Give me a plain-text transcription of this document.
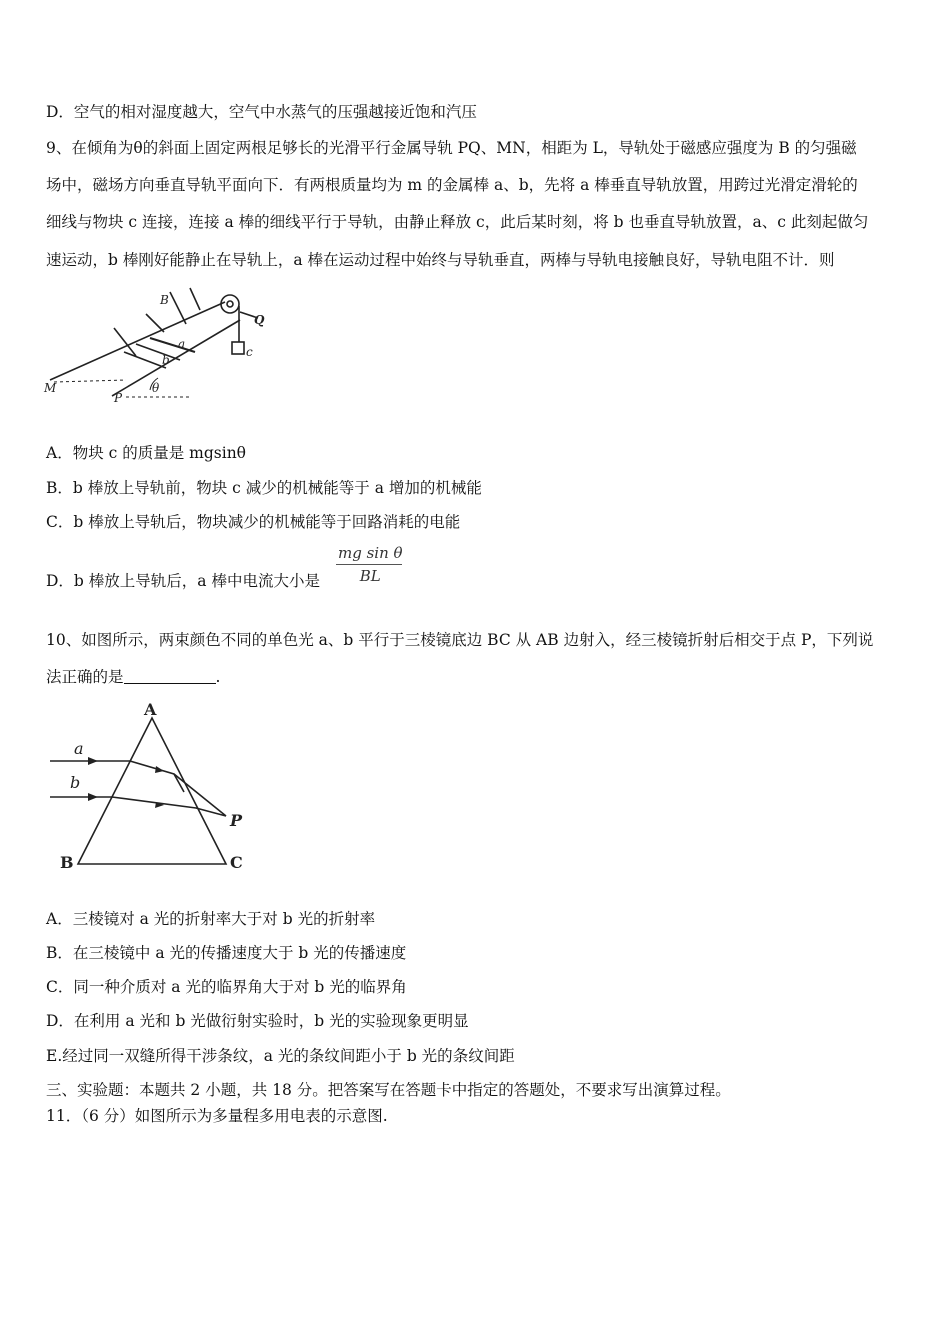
D．空气的相对湿度越大，空气中水蒸气的压强越接近饱和汽压
9、在倾角为θ的斜面上固定两根足够长的光滑平行金属导轨 PQ、MN，相距为 L，导轨处于磁感应强度为 B 的匀强磁
场中，磁场方向垂直导轨平面向下．有两根质量均为 m 的金属棒 a、b，先将 a 棒垂直导轨放置，用跨过光滑定滑轮的
细线与物块 c 连接，连接 a 棒的细线平行于导轨，由静止释放 c，此后某时刻，将 b 也垂直导轨放置，a、c 此刻起做匀
速运动，b 棒刚好能静止在导轨上，a 棒在运动过程中始终与导轨垂直，两棒与导轨电接触良好，导轨电阻不计．则
B
a
b
c
Q
M
P
θ
A．物块 c 的质量是 mgsinθ
B．b 棒放上导轨前，物块 c 减少的机械能等于 a 增加的机械能
C．b 棒放上导轨后，物块减少的机械能等于回路消耗的电能
D．b 棒放上导轨后，a 棒中电流大小是
mg sin θ
BL
10、如图所示，两束颜色不同的单色光 a、b 平行于三棱镜底边 BC 从 AB 边射入，经三棱镜折射后相交于点 P，下列说
法正确的是	.
A
B	C
P
a
b
A．三棱镜对 a 光的折射率大于对 b 光的折射率
B．在三棱镜中 a 光的传播速度大于 b 光的传播速度
C．同一种介质对 a 光的临界角大于对 b 光的临界角
D．在利用 a 光和 b 光做衍射实验时，b 光的实验现象更明显
E.经过同一双缝所得干涉条纹，a 光的条纹间距小于 b 光的条纹间距
三、实验题：本题共 2 小题，共 18 分。把答案写在答题卡中指定的答题处，不要求写出演算过程。
11．（6 分）如图所示为多量程多用电表的示意图.
